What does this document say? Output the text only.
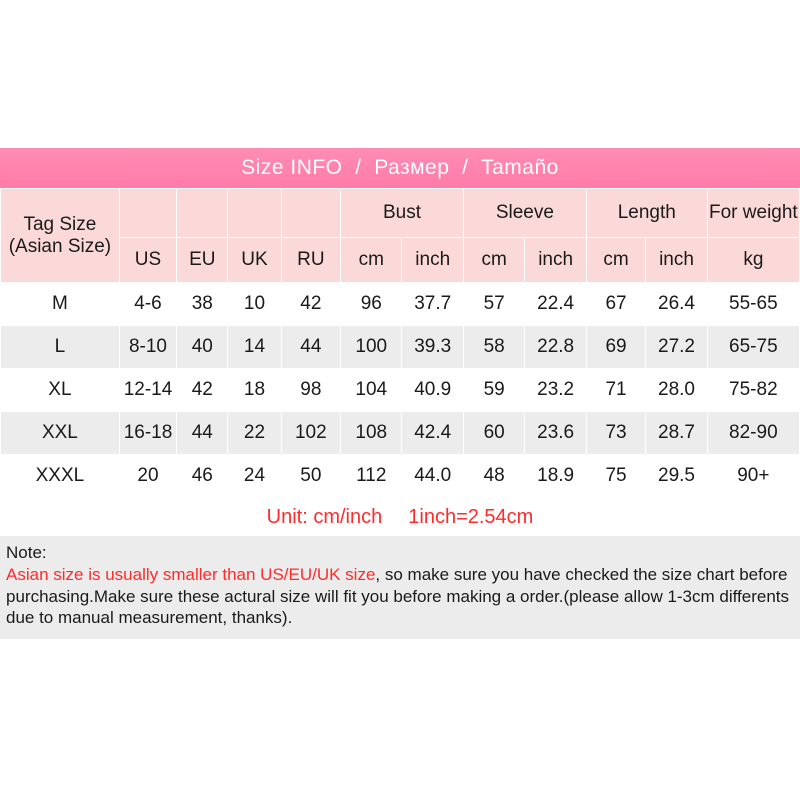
Size INFO / Размер / Tamaño
Tag Size (Asian Size)					Bust		Sleeve		Length		For weight
	US	EU	UK	RU	cm	inch	cm	inch	cm	inch	kg
M	4-6	38	10	42	96	37.7	57	22.4	67	26.4	55-65
L	8-10	40	14	44	100	39.3	58	22.8	69	27.2	65-75
XL	12-14	42	18	98	104	40.9	59	23.2	71	28.0	75-82
XXL	16-18	44	22	102	108	42.4	60	23.6	73	28.7	82-90
XXXL	20	46	24	50	112	44.0	48	18.9	75	29.5	90+
Unit: cm/inch 1inch=2.54cm
Note:
Asian size is usually smaller than US/EU/UK size, so make sure you have checked the size chart before purchasing.Make sure these actural size will fit you before making a order.(please allow 1-3cm differents due to manual measurement, thanks).
